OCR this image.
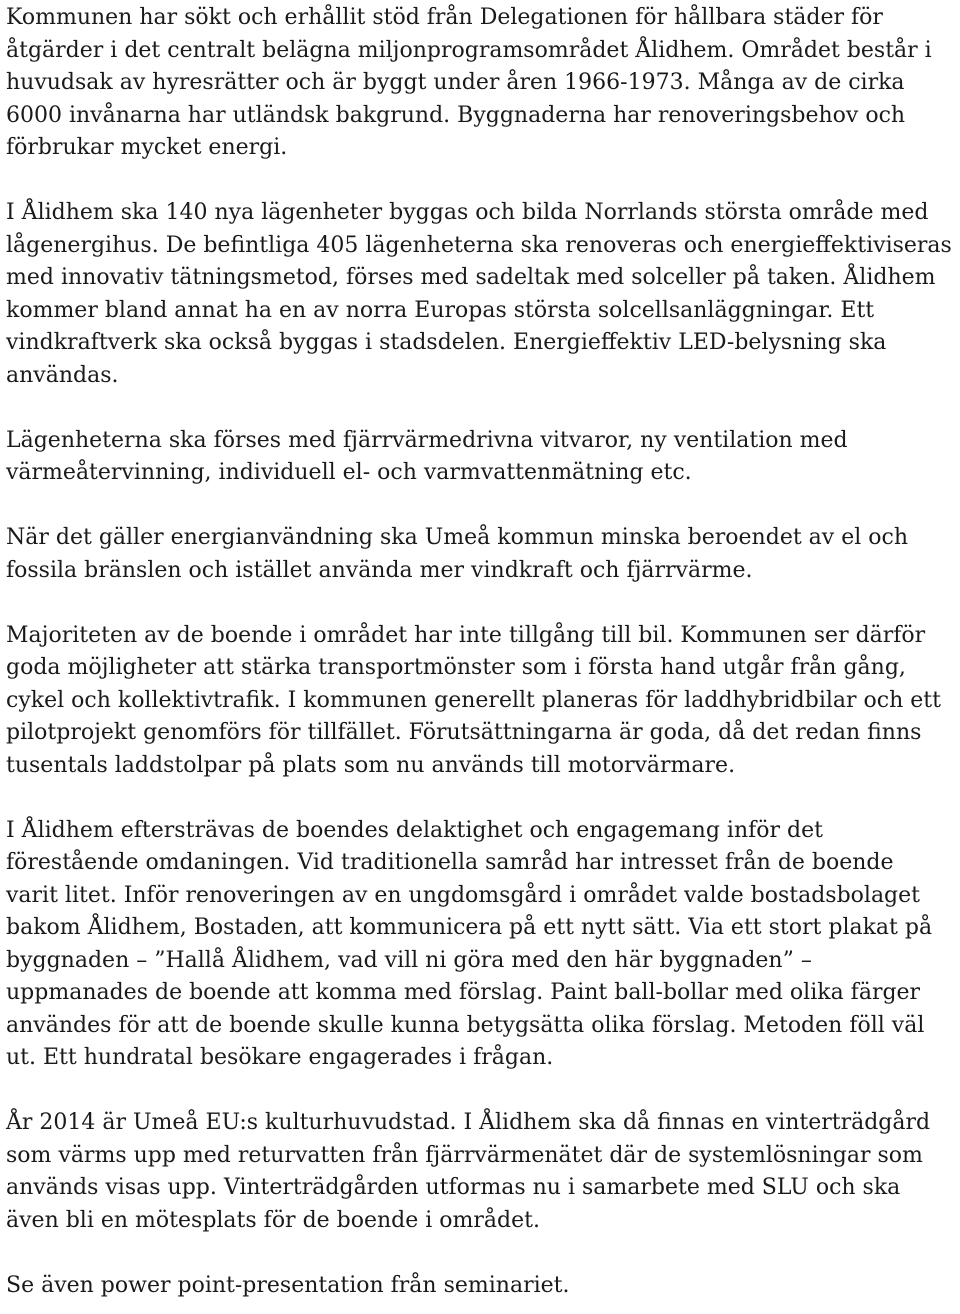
Kommunen har sökt och erhållit stöd från Delegationen för hållbara städer för åtgärder i det centralt belägna miljonprogramsområdet Ålidhem. Området består i huvudsak av hyresrätter och är byggt under åren 1966-1973. Många av de cirka 6000 invånarna har utländsk bakgrund. Byggnaderna har renoveringsbehov och förbrukar mycket energi.

I Ålidhem ska 140 nya lägenheter byggas och bilda Norrlands största område med lågenergihus. De befintliga 405 lägenheterna ska renoveras och energieffektiviseras med innovativ tätningsmetod, förses med sadeltak med solceller på taken. Ålidhem kommer bland annat ha en av norra Europas största solcellsanläggningar. Ett vindkraftverk ska också byggas i stadsdelen. Energieffektiv LED-belysning ska användas.

Lägenheterna ska förses med fjärrvärmedrivna vitvaror, ny ventilation med värmeåtervinning, individuell el- och varmvattenmätning etc.

När det gäller energianvändning ska Umeå kommun minska beroendet av el och fossila bränslen och istället använda mer vindkraft och fjärrvärme.

Majoriteten av de boende i området har inte tillgång till bil. Kommunen ser därför goda möjligheter att stärka transportmönster som i första hand utgår från gång, cykel och kollektivtrafik. I kommunen generellt planeras för laddhybridbilar och ett pilotprojekt genomförs för tillfället. Förutsättningarna är goda, då det redan finns tusentals laddstolpar på plats som nu används till motorvärmare.

I Ålidhem eftersträvas de boendes delaktighet och engagemang inför det förestående omdaningen. Vid traditionella samråd har intresset från de boende varit litet. Inför renoveringen av en ungdomsgård i området valde bostadsbolaget bakom Ålidhem, Bostaden, att kommunicera på ett nytt sätt. Via ett stort plakat på byggnaden – ”Hallå Ålidhem, vad vill ni göra med den här byggnaden” – uppmanades de boende att komma med förslag. Paint ball-bollar med olika färger användes för att de boende skulle kunna betygsätta olika förslag. Metoden föll väl ut. Ett hundratal besökare engagerades i frågan.

År 2014 är Umeå EU:s kulturhuvudstad. I Ålidhem ska då finnas en vinterträdgård som värms upp med returvatten från fjärrvärmenätet där de systemlösningar som används visas upp. Vinterträdgården utformas nu i samarbete med SLU och ska även bli en mötesplats för de boende i området.

Se även power point-presentation från seminariet.
